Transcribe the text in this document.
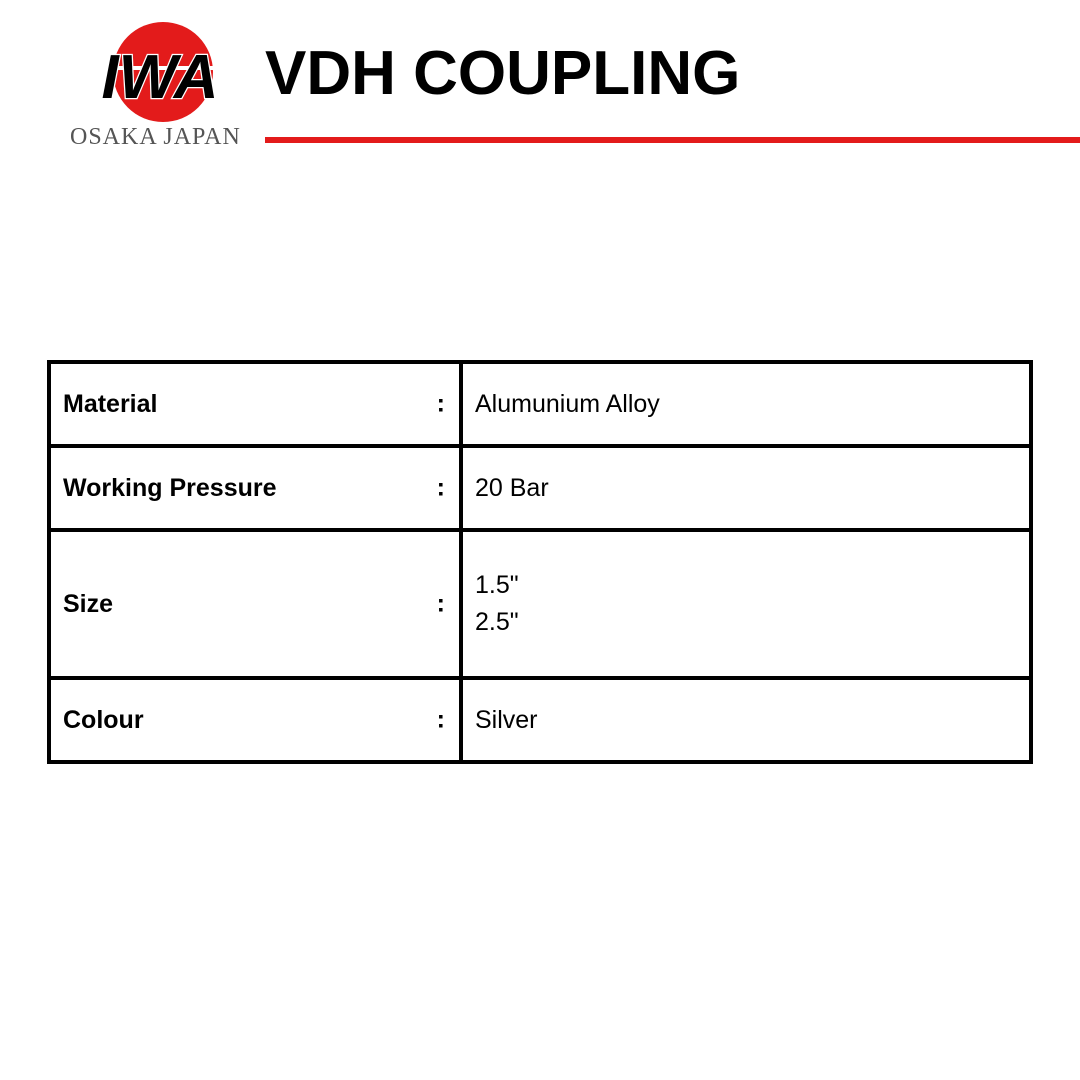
IWA
OSAKA JAPAN
VDH COUPLING
Material :	Alumunium Alloy

Working Pressure :	20 Bar

Size :	1.5"
2.5"

Colour :	Silver
